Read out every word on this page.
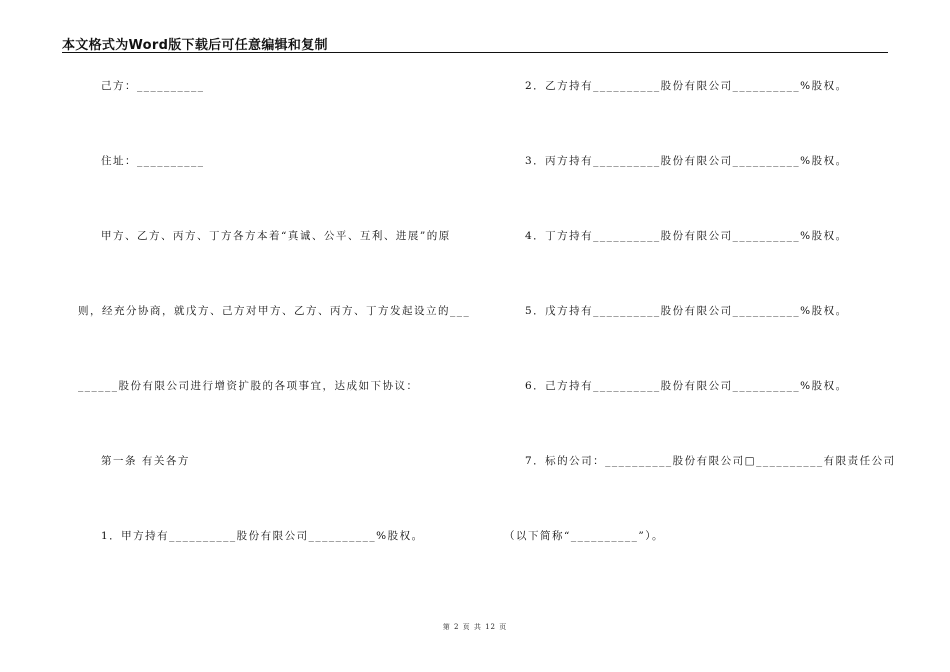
本文格式为Word版下载后可任意编辑和复制
己方：__________
住址：__________
甲方、乙方、丙方、丁方各方本着“真诚、公平、互利、进展”的原
则，经充分协商，就戊方、己方对甲方、乙方、丙方、丁方发起设立的___
______股份有限公司进行增资扩股的各项事宜，达成如下协议：
第一条 有关各方
1．甲方持有__________股份有限公司__________%股权。
2．乙方持有__________股份有限公司__________%股权。
3．丙方持有__________股份有限公司__________%股权。
4．丁方持有__________股份有限公司__________%股权。
5．戊方持有__________股份有限公司__________%股权。
6．己方持有__________股份有限公司__________%股权。
7．标的公司：__________股份有限公司□__________有限责任公司
（以下简称“__________”）。
第 2 页 共 12 页
